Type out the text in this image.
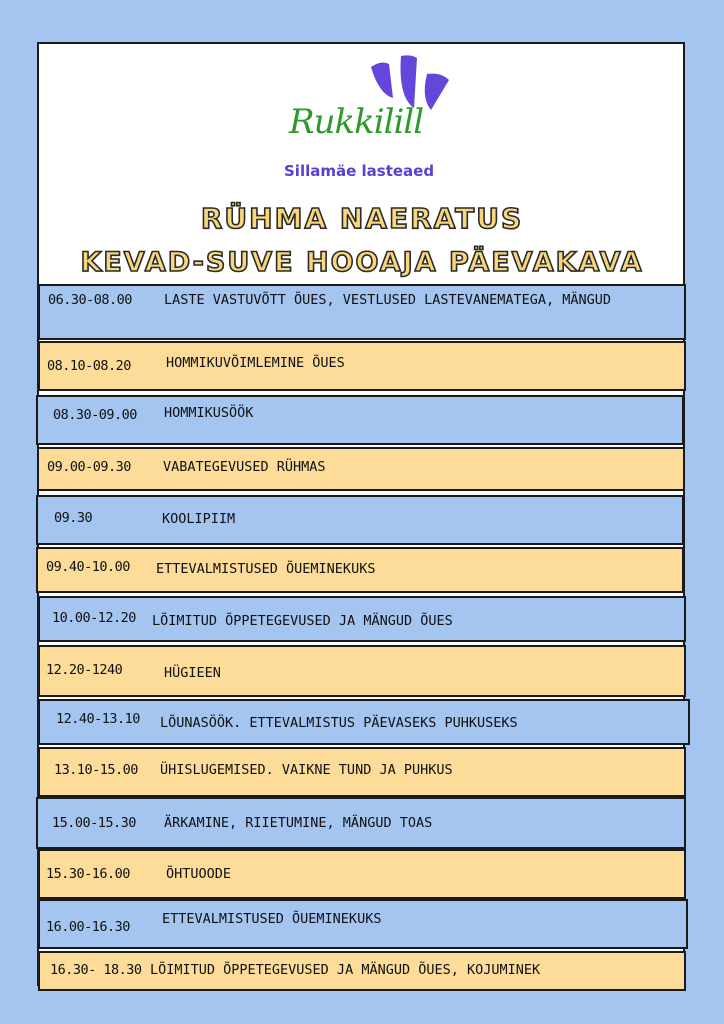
Rukkilill
Sillamäe lasteaed
RÜHMA NAERATUS
KEVAD-SUVE HOOAJA PÄEVAKAVA
06.30-08.00 LASTE VASTUVÕTT ÕUES, VESTLUSED LASTEVANEMATEGA, MÄNGUD
08.10-08.20	HOMMIKUVÕIMLEMINE ÕUES
08.30-09.00 HOMMIKUSÖÖK
09.00-09.30 VABATEGEVUSED RÜHMAS
09.30	KOOLIPIIM
09.40-10.00 ETTEVALMISTUSED ÕUEMINEKUKS
10.00-12.20 LÕIMITUD ÕPPETEGEVUSED JA MÄNGUD ÕUES
12.20-1240	HÜGIEEN
12.40-13.10 LÕUNASÖÖK. ETTEVALMISTUS PÄEVASEKS PUHKUSEKS
13.10-15.00 ÜHISLUGEMISED. VAIKNE TUND JA PUHKUS
15.00-15.30 ÄRKAMINE, RIIETUMINE, MÄNGUD TOAS
15.30-16.00	ÕHTUOODE
16.00-16.30 ETTEVALMISTUSED ÕUEMINEKUKS
16.30- 18.30 LÕIMITUD ÕPPETEGEVUSED JA MÄNGUD ÕUES, KOJUMINEK
